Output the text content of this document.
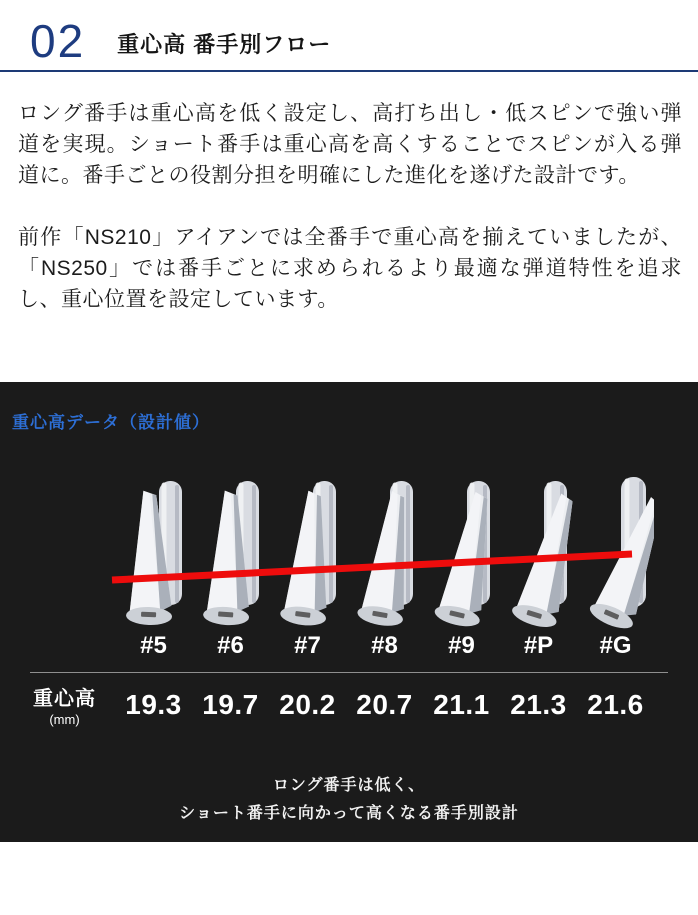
02 重心高 番手別フロー

ロング番手は重心高を低く設定し、高打ち出し・低スピンで強い弾道を実現。ショート番手は重心高を高くすることでスピンが入る弾道に。番手ごとの役割分担を明確にした進化を遂げた設計です。

前作「NS210」アイアンでは全番手で重心高を揃えていましたが、「NS250」では番手ごとに求められるより最適な弾道特性を追求し、重心位置を設定しています。

重心高データ（設計値）
#5	#6	#7	#8	#9	#P	#G
重心高
(mm)	19.3 19.7 20.2 20.7 21.1 21.3 21.6
ロング番手は低く、
ショート番手に向かって高くなる番手別設計
